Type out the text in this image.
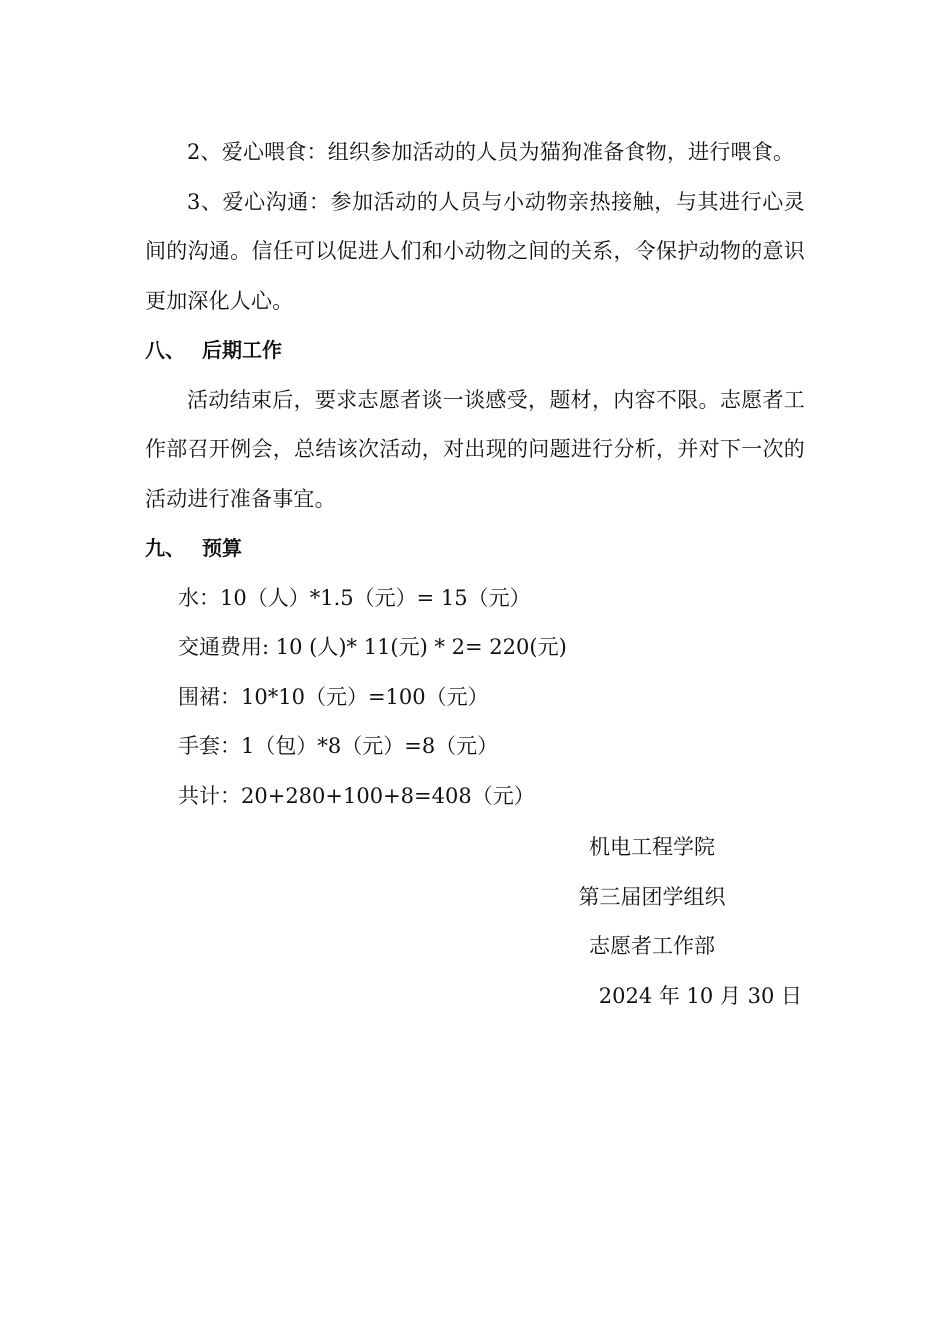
2、爱心喂食：组织参加活动的人员为猫狗准备食物，进行喂食。

3、爱心沟通：参加活动的人员与小动物亲热接触，与其进行心灵间的沟通。信任可以促进人们和小动物之间的关系，令保护动物的意识更加深化人心。

八、 后期工作

活动结束后，要求志愿者谈一谈感受，题材，内容不限。志愿者工作部召开例会，总结该次活动，对出现的问题进行分析，并对下一次的活动进行准备事宜。

九、 预算

水：10（人）*1.5（元）= 15（元）

交通费用: 10 (人)* 11(元) * 2= 220(元)

围裙：10*10（元）=100（元）

手套：1（包）*8（元）=8（元）

共计：20+280+100+8=408（元）

机电工程学院

第三届团学组织

志愿者工作部

2024 年 10 月 30 日
